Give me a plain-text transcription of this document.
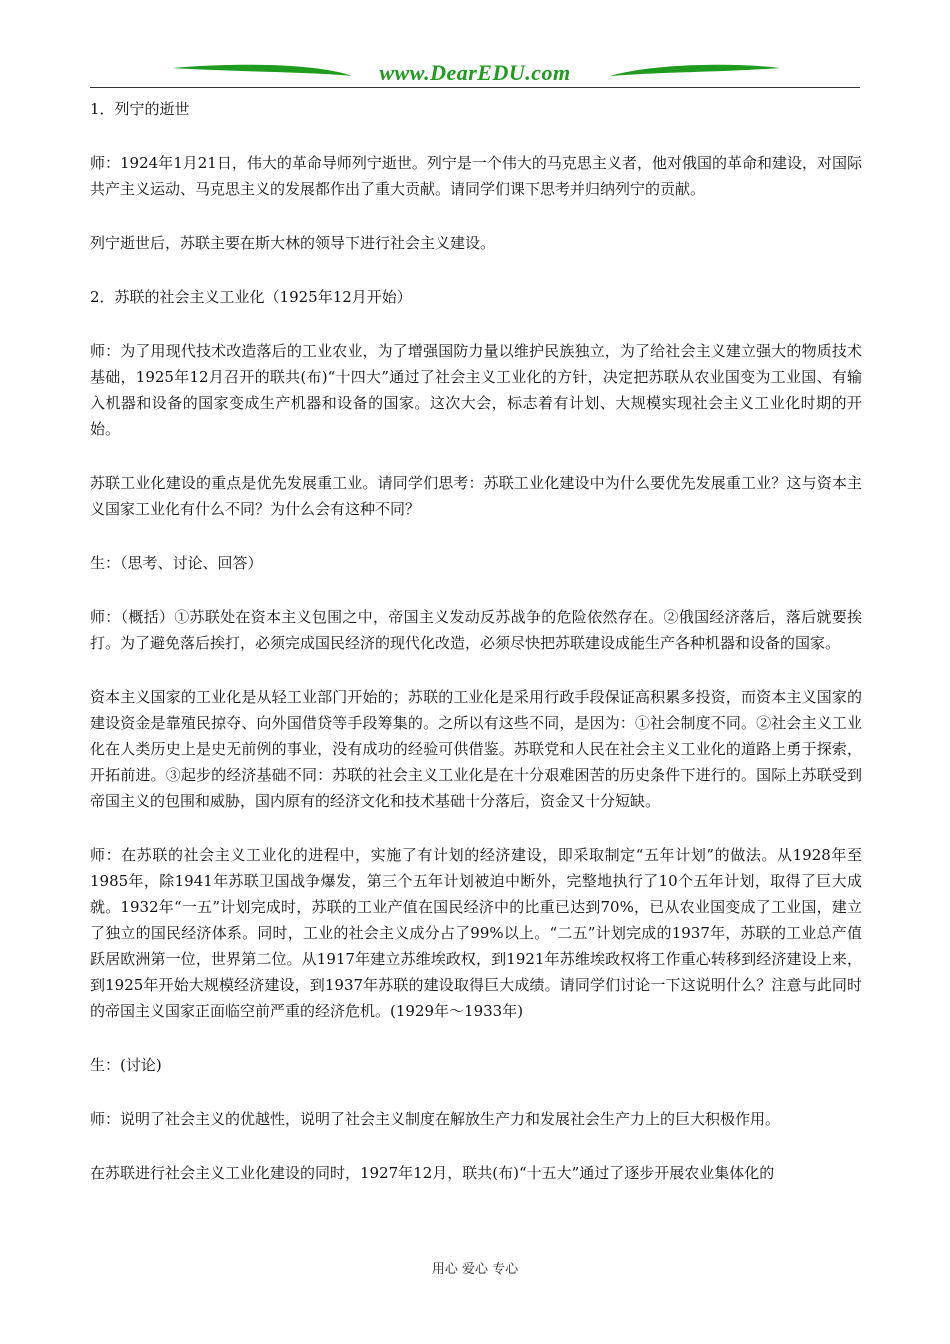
www.DearEDU.com

1．列宁的逝世

师：1924年1月21日，伟大的革命导师列宁逝世。列宁是一个伟大的马克思主义者，他对俄国的革命和建设，对国际共产主义运动、马克思主义的发展都作出了重大贡献。请同学们课下思考并归纳列宁的贡献。

列宁逝世后，苏联主要在斯大林的领导下进行社会主义建设。

2．苏联的社会主义工业化（1925年12月开始）

师：为了用现代技术改造落后的工业农业，为了增强国防力量以维护民族独立，为了给社会主义建立强大的物质技术基础，1925年12月召开的联共(布)“十四大”通过了社会主义工业化的方针，决定把苏联从农业国变为工业国、有输入机器和设备的国家变成生产机器和设备的国家。这次大会，标志着有计划、大规模实现社会主义工业化时期的开始。

苏联工业化建设的重点是优先发展重工业。请同学们思考：苏联工业化建设中为什么要优先发展重工业？这与资本主义国家工业化有什么不同？为什么会有这种不同？

生：（思考、讨论、回答）

师：（概括）①苏联处在资本主义包围之中，帝国主义发动反苏战争的危险依然存在。②俄国经济落后，落后就要挨打。为了避免落后挨打，必须完成国民经济的现代化改造，必须尽快把苏联建设成能生产各种机器和设备的国家。

资本主义国家的工业化是从轻工业部门开始的；苏联的工业化是采用行政手段保证高积累多投资，而资本主义国家的建设资金是靠殖民掠夺、向外国借贷等手段筹集的。之所以有这些不同，是因为：①社会制度不同。②社会主义工业化在人类历史上是史无前例的事业，没有成功的经验可供借鉴。苏联党和人民在社会主义工业化的道路上勇于探索，开拓前进。③起步的经济基础不同：苏联的社会主义工业化是在十分艰难困苦的历史条件下进行的。国际上苏联受到帝国主义的包围和威胁，国内原有的经济文化和技术基础十分落后，资金又十分短缺。

师：在苏联的社会主义工业化的进程中，实施了有计划的经济建设，即采取制定“五年计划”的做法。从1928年至1985年，除1941年苏联卫国战争爆发，第三个五年计划被迫中断外，完整地执行了10个五年计划，取得了巨大成就。1932年“一五”计划完成时，苏联的工业产值在国民经济中的比重已达到70%，已从农业国变成了工业国，建立了独立的国民经济体系。同时，工业的社会主义成分占了99%以上。“二五”计划完成的1937年，苏联的工业总产值跃居欧洲第一位，世界第二位。从1917年建立苏维埃政权，到1921年苏维埃政权将工作重心转移到经济建设上来，到1925年开始大规模经济建设，到1937年苏联的建设取得巨大成绩。请同学们讨论一下这说明什么？注意与此同时的帝国主义国家正面临空前严重的经济危机。(1929年～1933年)

生：(讨论)

师：说明了社会主义的优越性，说明了社会主义制度在解放生产力和发展社会生产力上的巨大积极作用。

在苏联进行社会主义工业化建设的同时，1927年12月，联共(布)“十五大”通过了逐步开展农业集体化的

用心 爱心 专心
